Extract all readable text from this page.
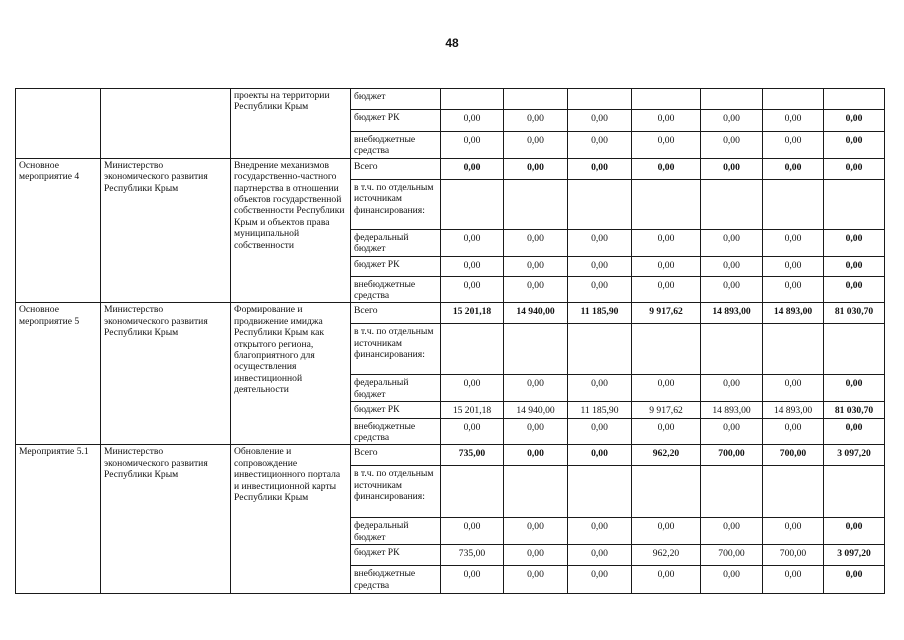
48
		проекты на территории Республики Крым	бюджет							
			бюджет РК	0,00	0,00	0,00	0,00	0,00	0,00	0,00
			внебюджетные средства	0,00	0,00	0,00	0,00	0,00	0,00	0,00
Основное мероприятие 4	Министерство экономического развития Республики Крым	Внедрение механизмов государственно-частного партнерства в отношении объектов государственной собственности Республики Крым и объектов права муниципальной собственности	Всего	0,00	0,00	0,00	0,00	0,00	0,00	0,00
			в т.ч. по отдельным источникам финансирования:							
			федеральный бюджет	0,00	0,00	0,00	0,00	0,00	0,00	0,00
			бюджет РК	0,00	0,00	0,00	0,00	0,00	0,00	0,00
			внебюджетные средства	0,00	0,00	0,00	0,00	0,00	0,00	0,00
Основное мероприятие 5	Министерство экономического развития Республики Крым	Формирование и продвижение имиджа Республики Крым как открытого региона, благоприятного для осуществления инвестиционной деятельности	Всего	15 201,18	14 940,00	11 185,90	9 917,62	14 893,00	14 893,00	81 030,70
			в т.ч. по отдельным источникам финансирования:							
			федеральный бюджет	0,00	0,00	0,00	0,00	0,00	0,00	0,00
			бюджет РК	15 201,18	14 940,00	11 185,90	9 917,62	14 893,00	14 893,00	81 030,70
			внебюджетные средства	0,00	0,00	0,00	0,00	0,00	0,00	0,00
Мероприятие 5.1	Министерство экономического развития Республики Крым	Обновление и сопровождение инвестиционного портала и инвестиционной карты Республики Крым	Всего	735,00	0,00	0,00	962,20	700,00	700,00	3 097,20
			в т.ч. по отдельным источникам финансирования:							
			федеральный бюджет	0,00	0,00	0,00	0,00	0,00	0,00	0,00
			бюджет РК	735,00	0,00	0,00	962,20	700,00	700,00	3 097,20
			внебюджетные средства	0,00	0,00	0,00	0,00	0,00	0,00	0,00
